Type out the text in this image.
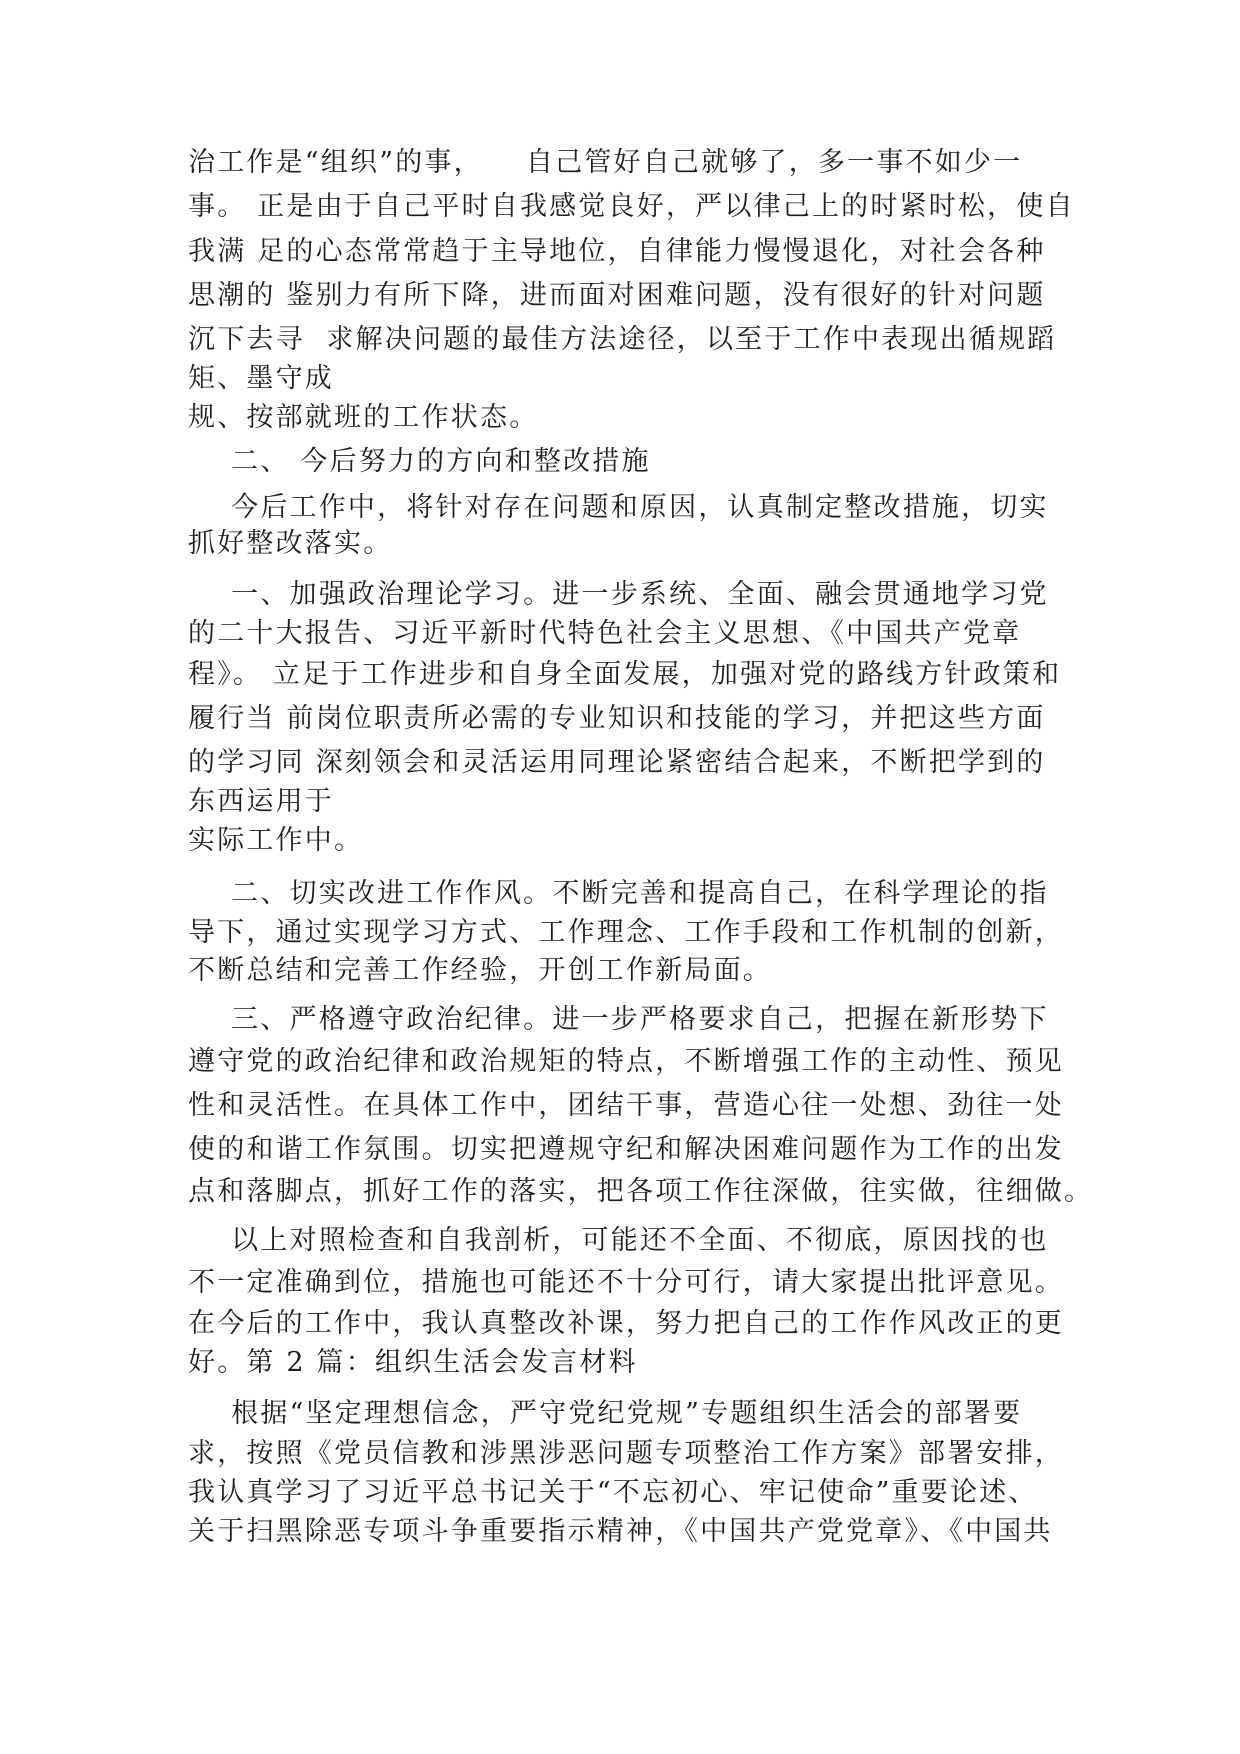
治工作是“组织”的事，    自己管好自己就够了，多一事不如少一
事。 正是由于自己平时自我感觉良好，严以律己上的时紧时松，使自
我满 足的心态常常趋于主导地位，自律能力慢慢退化，对社会各种
思潮的 鉴别力有所下降，进而面对困难问题，没有很好的针对问题
沉下去寻  求解决问题的最佳方法途径，以至于工作中表现出循规蹈
矩、墨守成
规、按部就班的工作状态。
二、 今后努力的方向和整改措施
今后工作中，将针对存在问题和原因，认真制定整改措施，切实
抓好整改落实。
一、加强政治理论学习。进一步系统、全面、融会贯通地学习党
的二十大报告、习近平新时代特色社会主义思想、《中国共产党章
程》。 立足于工作进步和自身全面发展，加强对党的路线方针政策和
履行当 前岗位职责所必需的专业知识和技能的学习，并把这些方面
的学习同 深刻领会和灵活运用同理论紧密结合起来，不断把学到的
东西运用于
实际工作中。
二、切实改进工作作风。不断完善和提高自己，在科学理论的指
导下，通过实现学习方式、工作理念、工作手段和工作机制的创新，
不断总结和完善工作经验，开创工作新局面。
三、严格遵守政治纪律。进一步严格要求自己，把握在新形势下
遵守党的政治纪律和政治规矩的特点，不断增强工作的主动性、预见
性和灵活性。在具体工作中，团结干事，营造心往一处想、劲往一处
使的和谐工作氛围。切实把遵规守纪和解决困难问题作为工作的出发
点和落脚点，抓好工作的落实，把各项工作往深做，往实做，往细做。
以上对照检查和自我剖析，可能还不全面、不彻底，原因找的也
不一定准确到位，措施也可能还不十分可行，请大家提出批评意见。
在今后的工作中，我认真整改补课，努力把自己的工作作风改正的更
好。第 2 篇：组织生活会发言材料
根据“坚定理想信念，严守党纪党规”专题组织生活会的部署要
求，按照《党员信教和涉黑涉恶问题专项整治工作方案》部署安排，
我认真学习了习近平总书记关于“不忘初心、牢记使命”重要论述、
关于扫黑除恶专项斗争重要指示精神，《中国共产党党章》、《中国共
